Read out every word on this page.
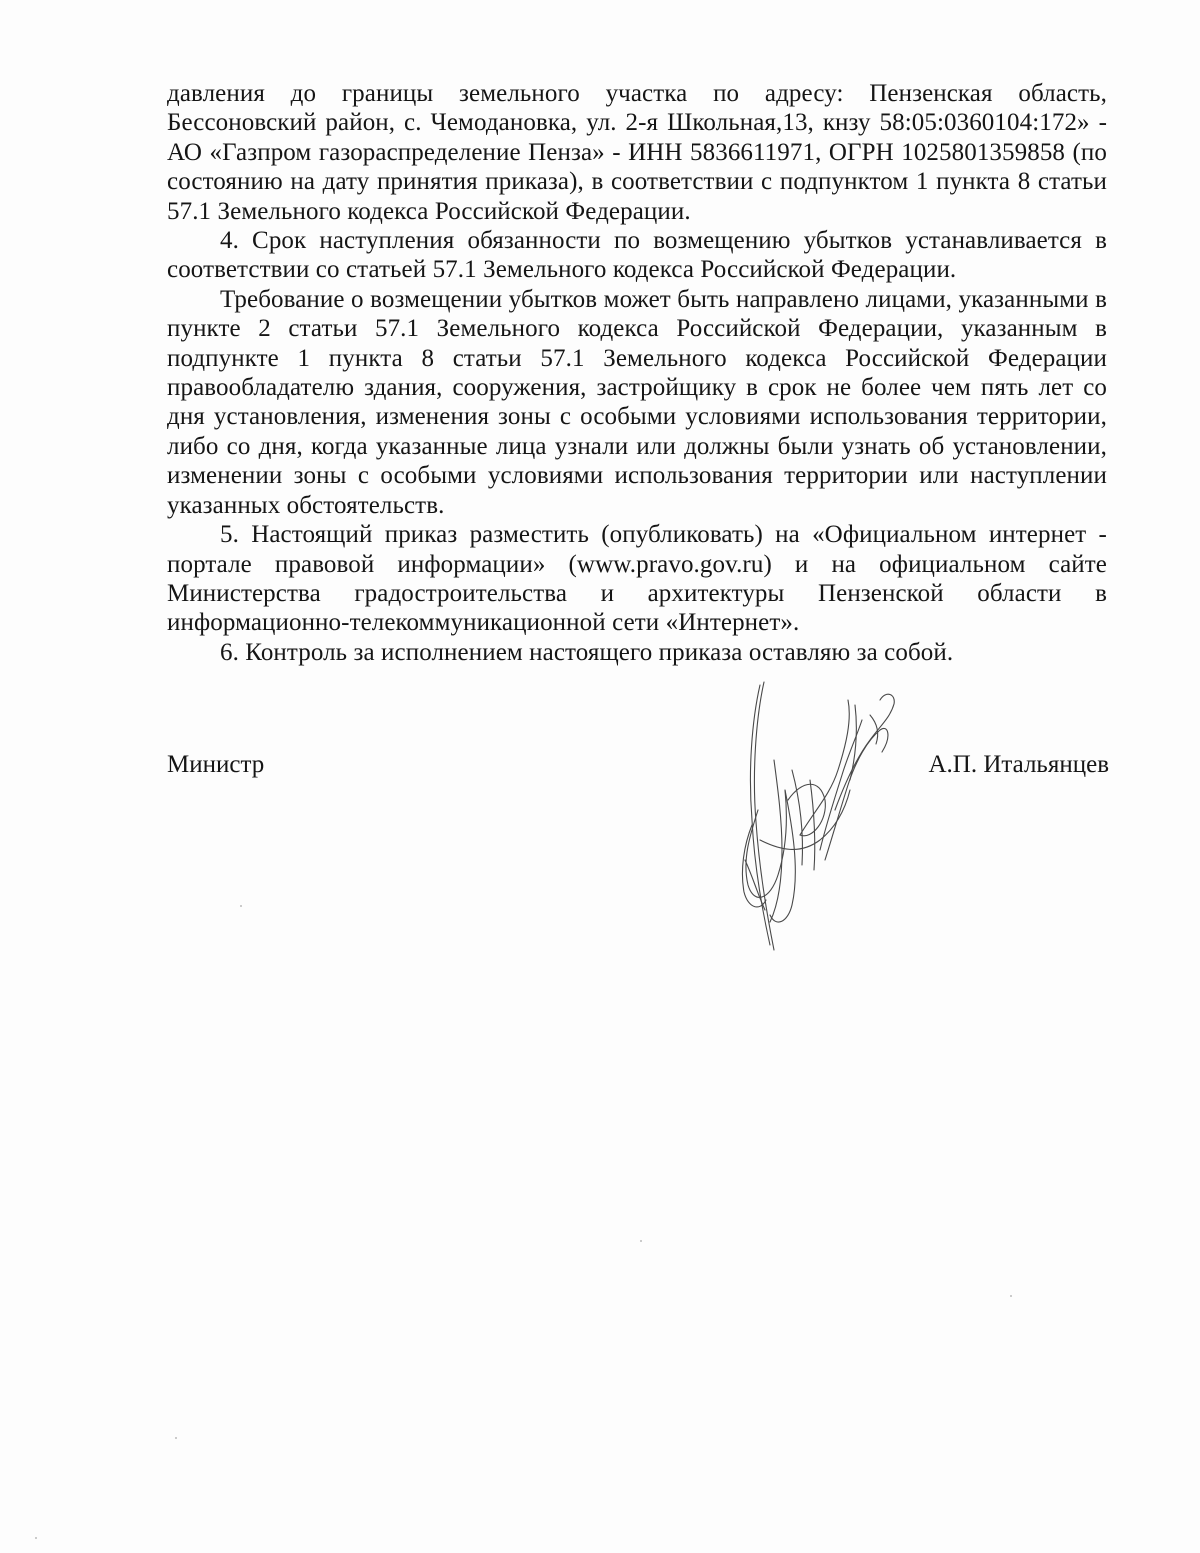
давления до границы земельного участка по адресу: Пензенская область, Бессоновский район, с. Чемодановка, ул. 2-я Школьная,13, кнзу 58:05:0360104:172» - АО «Газпром газораспределение Пенза» - ИНН 5836611971, ОГРН 1025801359858 (по состоянию на дату принятия приказа), в соответствии с подпунктом 1 пункта 8 статьи 57.1 Земельного кодекса Российской Федерации.

4. Срок наступления обязанности по возмещению убытков устанавливается в соответствии со статьей 57.1 Земельного кодекса Российской Федерации.

Требование о возмещении убытков может быть направлено лицами, указанными в пункте 2 статьи 57.1 Земельного кодекса Российской Федерации, указанным в подпункте 1 пункта 8 статьи 57.1 Земельного кодекса Российской Федерации правообладателю здания, сооружения, застройщику в срок не более чем пять лет со дня установления, изменения зоны с особыми условиями использования территории, либо со дня, когда указанные лица узнали или должны были узнать об установлении, изменении зоны с особыми условиями использования территории или наступлении указанных обстоятельств.

5. Настоящий приказ разместить (опубликовать) на «Официальном интернет - портале правовой информации» (www.pravo.gov.ru) и на официальном сайте Министерства градостроительства и архитектуры Пензенской области в информационно-телекоммуникационной сети «Интернет».

6. Контроль за исполнением настоящего приказа оставляю за собой.

Министр	А.П. Итальянцев
